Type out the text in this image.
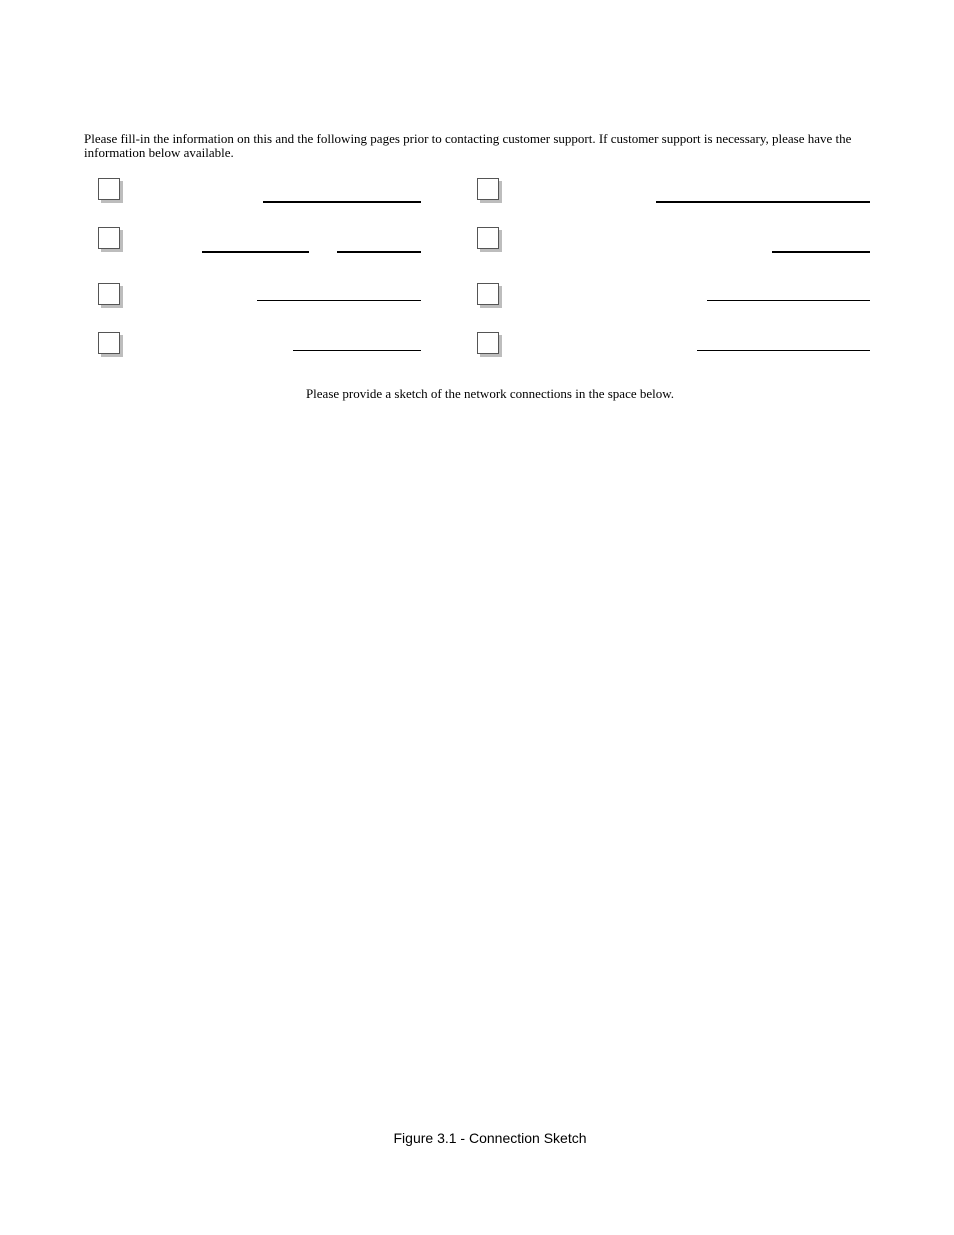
Please fill-in the information on this and the following pages prior to contacting customer support. If customer support is necessary, please have the information below available.

Please provide a sketch of the network connections in the space below.

Figure 3.1 - Connection Sketch
